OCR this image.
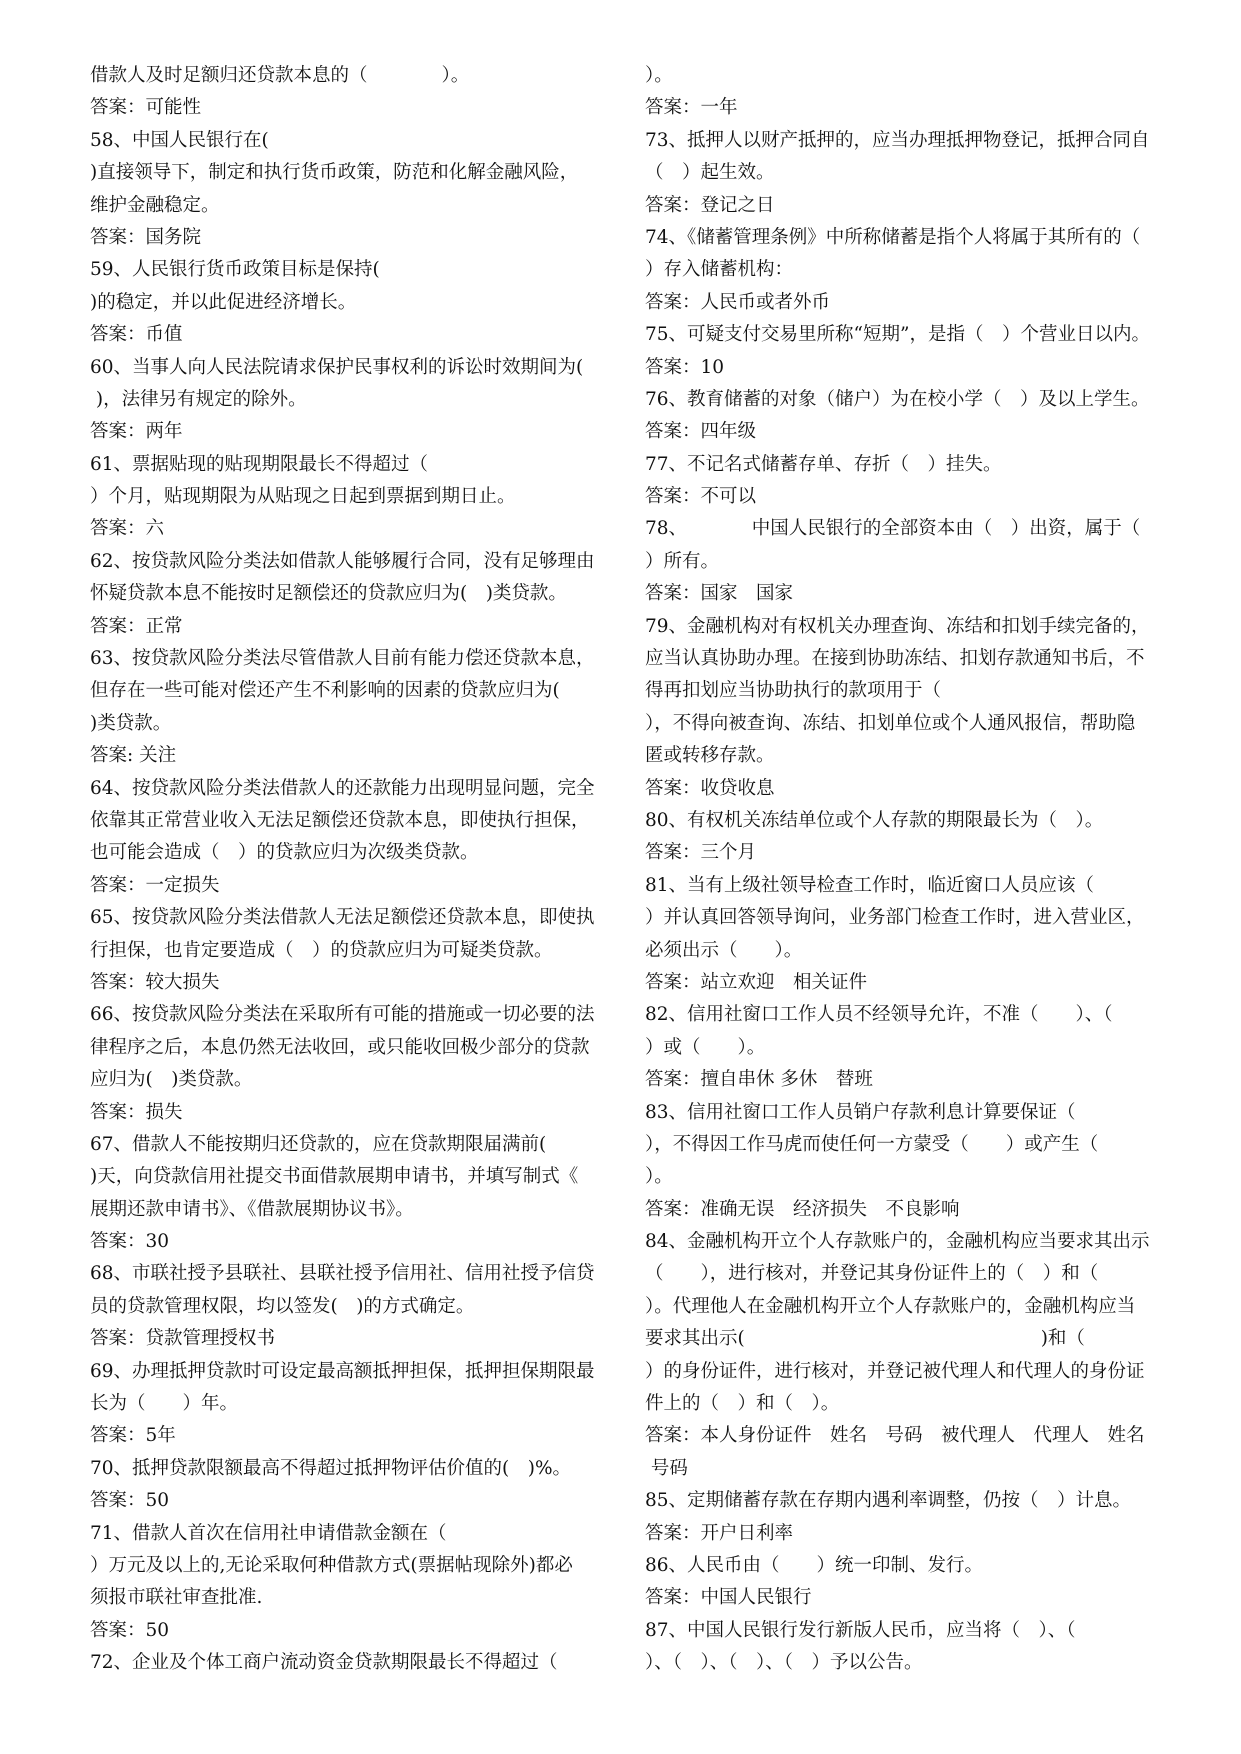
借款人及时足额归还贷款本息的（　　　　）。
答案：可能性
58、中国人民银行在(
)直接领导下，制定和执行货币政策，防范和化解金融风险，
维护金融稳定。
答案：国务院
59、人民银行货币政策目标是保持(
)的稳定，并以此促进经济增长。
答案：币值
60、当事人向人民法院请求保护民事权利的诉讼时效期间为(
)，法律另有规定的除外。
答案：两年
61、票据贴现的贴现期限最长不得超过（
）个月，贴现期限为从贴现之日起到票据到期日止。
答案：六
62、按贷款风险分类法如借款人能够履行合同，没有足够理由
怀疑贷款本息不能按时足额偿还的贷款应归为(　)类贷款。
答案：正常
63、按贷款风险分类法尽管借款人目前有能力偿还贷款本息，
但存在一些可能对偿还产生不利影响的因素的贷款应归为(
)类贷款。
答案: 关注
64、按贷款风险分类法借款人的还款能力出现明显问题，完全
依靠其正常营业收入无法足额偿还贷款本息，即使执行担保，
也可能会造成（　）的贷款应归为次级类贷款。
答案：一定损失
65、按贷款风险分类法借款人无法足额偿还贷款本息，即使执
行担保，也肯定要造成（　）的贷款应归为可疑类贷款。
答案：较大损失
66、按贷款风险分类法在采取所有可能的措施或一切必要的法
律程序之后，本息仍然无法收回，或只能收回极少部分的贷款
应归为(　)类贷款。
答案：损失
67、借款人不能按期归还贷款的，应在贷款期限届满前(
)天，向贷款信用社提交书面借款展期申请书，并填写制式《
展期还款申请书》、《借款展期协议书》。
答案：30
68、市联社授予县联社、县联社授予信用社、信用社授予信贷
员的贷款管理权限，均以签发(　)的方式确定。
答案：贷款管理授权书
69、办理抵押贷款时可设定最高额抵押担保，抵押担保期限最
长为（　　）年。
答案：5年
70、抵押贷款限额最高不得超过抵押物评估价值的(　)%。
答案：50
71、借款人首次在信用社申请借款金额在（
）万元及以上的,无论采取何种借款方式(票据帖现除外)都必
须报市联社审查批准.
答案：50
72、企业及个体工商户流动资金贷款期限最长不得超过（
）。
答案：一年
73、抵押人以财产抵押的，应当办理抵押物登记，抵押合同自
（　）起生效。
答案：登记之日
74、《储蓄管理条例》中所称储蓄是指个人将属于其所有的（
）存入储蓄机构：
答案：人民币或者外币
75、可疑支付交易里所称“短期”，是指（　）个营业日以内。
答案：10
76、教育储蓄的对象（储户）为在校小学（　）及以上学生。
答案：四年级
77、不记名式储蓄存单、存折（　）挂失。
答案：不可以
78、　　　　中国人民银行的全部资本由（　）出资，属于（
）所有。
答案：国家　国家
79、金融机构对有权机关办理查询、冻结和扣划手续完备的，
应当认真协助办理。在接到协助冻结、扣划存款通知书后，不
得再扣划应当协助执行的款项用于（
），不得向被查询、冻结、扣划单位或个人通风报信，帮助隐
匿或转移存款。
答案：收贷收息
80、有权机关冻结单位或个人存款的期限最长为（　）。
答案：三个月
81、当有上级社领导检查工作时，临近窗口人员应该（
）并认真回答领导询问，业务部门检查工作时，进入营业区，
必须出示（　　）。
答案：站立欢迎　相关证件
82、信用社窗口工作人员不经领导允许，不准（　　）、（
）或（　　）。
答案：擅自串休 多休　替班
83、信用社窗口工作人员销户存款利息计算要保证（
），不得因工作马虎而使任何一方蒙受（　　）或产生（
）。
答案：准确无误　经济损失　不良影响
84、金融机构开立个人存款账户的，金融机构应当要求其出示
（　　），进行核对，并登记其身份证件上的（　）和（
）。代理他人在金融机构开立个人存款账户的，金融机构应当
要求其出示(　　　　　　　　　　　　　　　　)和（
）的身份证件，进行核对，并登记被代理人和代理人的身份证
件上的（　）和（　）。
答案：本人身份证件　姓名　号码　被代理人　代理人　姓名
号码
85、定期储蓄存款在存期内遇利率调整，仍按（　）计息。
答案：开户日利率
86、人民币由（　　）统一印制、发行。
答案：中国人民银行
87、中国人民银行发行新版人民币，应当将（　）、（
）、（　）、（　）、（　）予以公告。
